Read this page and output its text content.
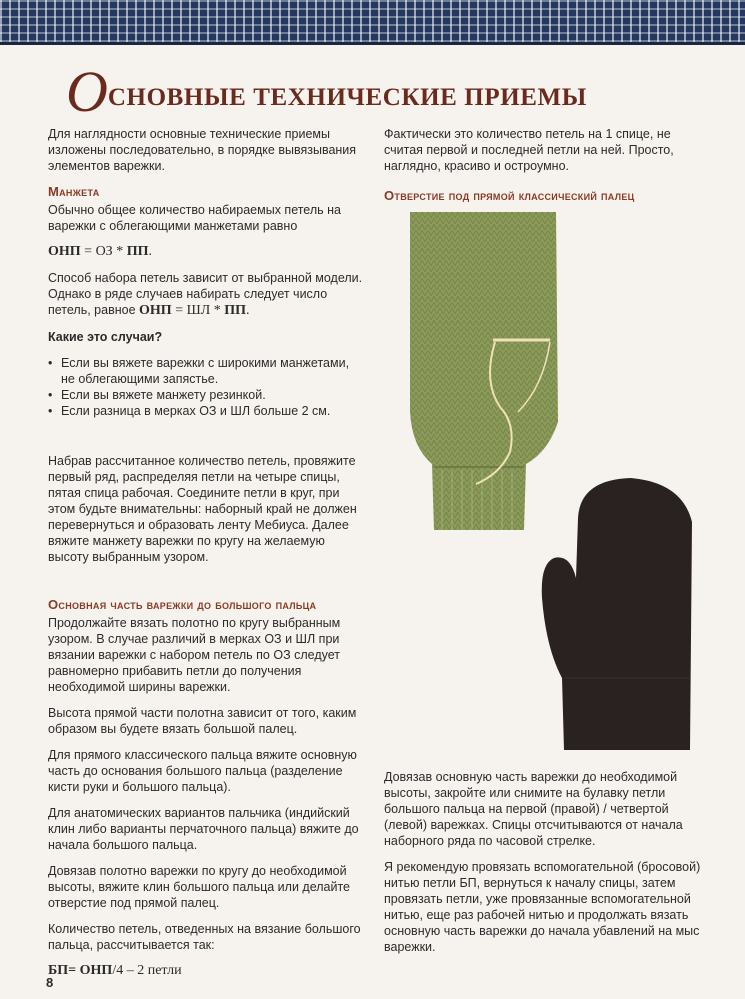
ОСНОВНЫЕ ТЕХНИЧЕСКИЕ ПРИЕМЫ

Для наглядности основные технические приемы изложены последовательно, в порядке вывязывания элементов варежки.

Манжета

Обычно общее количество набираемых петель на варежки с облегающими манжетами равно

ОНП = ОЗ * ПП.

Способ набора петель зависит от выбранной модели. Однако в ряде случаев набирать следует число петель, равное ОНП = ШЛ * ПП.

Какие это случаи?

• Если вы вяжете варежки с широкими манжетами, не облегающими запястье.
• Если вы вяжете манжету резинкой.
• Если разница в мерках ОЗ и ШЛ больше 2 см.

Набрав рассчитанное количество петель, провяжите первый ряд, распределяя петли на четыре спицы, пятая спица рабочая. Соедините петли в круг, при этом будьте внимательны: наборный край не должен перевернуться и образовать ленту Мебиуса. Далее вяжите манжету варежки по кругу на желаемую высоту выбранным узором.

Основная часть варежки до большого пальца

Продолжайте вязать полотно по кругу выбранным узором. В случае различий в мерках ОЗ и ШЛ при вязании варежки с набором петель по ОЗ следует равномерно прибавить петли до получения необходимой ширины варежки.

Высота прямой части полотна зависит от того, каким образом вы будете вязать большой палец.

Для прямого классического пальца вяжите основную часть до основания большого пальца (разделение кисти руки и большого пальца).

Для анатомических вариантов пальчика (индийский клин либо варианты перчаточного пальца) вяжите до начала большого пальца.

Довязав полотно варежки по кругу до необходимой высоты, вяжите клин большого пальца или делайте отверстие под прямой палец.

Количество петель, отведенных на вязание большого пальца, рассчитывается так:

БП= ОНП/4 – 2 петли

Фактически это количество петель на 1 спице, не считая первой и последней петли на ней. Просто, наглядно, красиво и остроумно.

Отверстие под прямой классический палец

Довязав основную часть варежки до необходимой высоты, закройте или снимите на булавку петли большого пальца на первой (правой) / четвертой (левой) варежках. Спицы отсчитываются от начала наборного ряда по часовой стрелке.

Я рекомендую провязать вспомогательной (бросовой) нитью петли БП, вернуться к началу спицы, затем провязать петли, уже провязанные вспомогательной нитью, еще раз рабочей нитью и продолжать вязать основную часть варежки до начала убавлений на мыс варежки.

8
